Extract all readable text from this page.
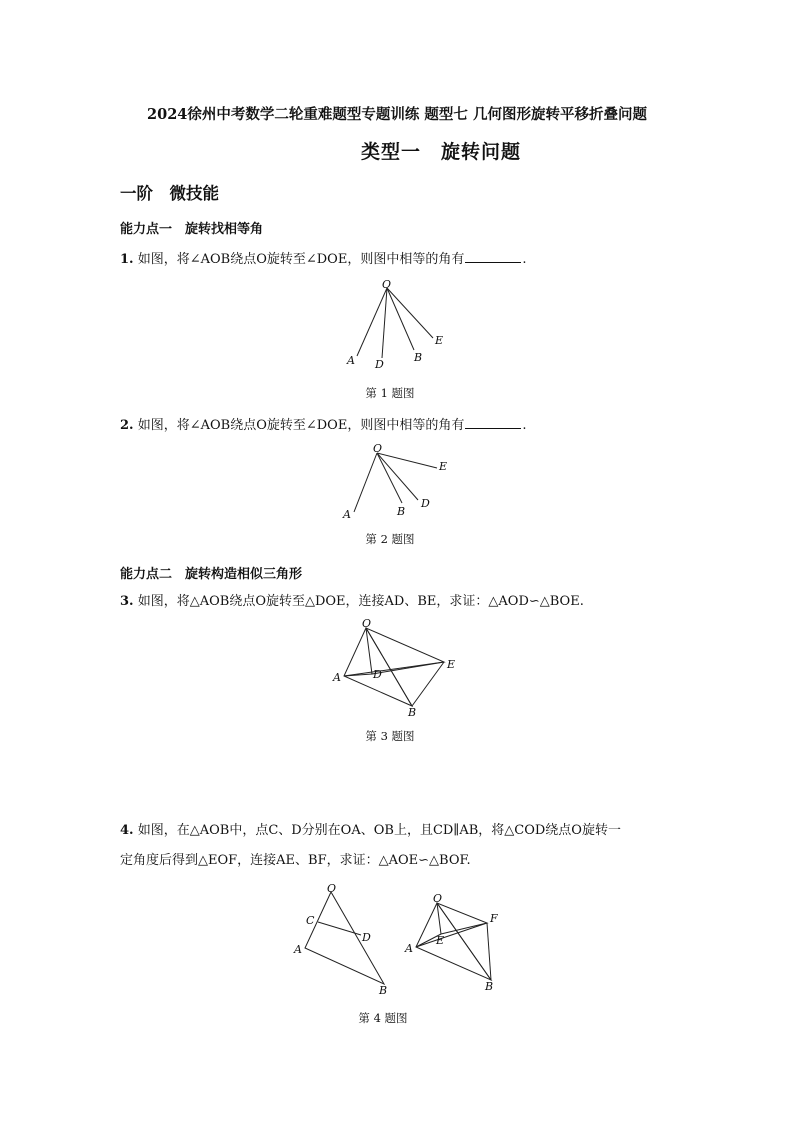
2024徐州中考数学二轮重难题型专题训练 题型七 几何图形旋转平移折叠问题
类型一　旋转问题
一阶　微技能
能力点一　旋转找相等角
1. 如图，将∠AOB绕点O旋转至∠DOE，则图中相等的角有	.
O
A D
B
E
第 1 题图
2. 如图，将∠AOB绕点O旋转至∠DOE，则图中相等的角有	.
O
E
A	B
D
第 2 题图
能力点二　旋转构造相似三角形
3. 如图，将△AOB绕点O旋转至△DOE，连接AD、BE，求证：△AOD∽△BOE.
O
A	D
E
B
第 3 题图
4. 如图，在△AOB中，点C、D分别在OA、OB上，且CD∥AB，将△COD绕点O旋转一
定角度后得到△EOF，连接AE、BF，求证：△AOE∽△BOF.
O
C
D
A
B
O
F
E
A
B
第 4 题图
